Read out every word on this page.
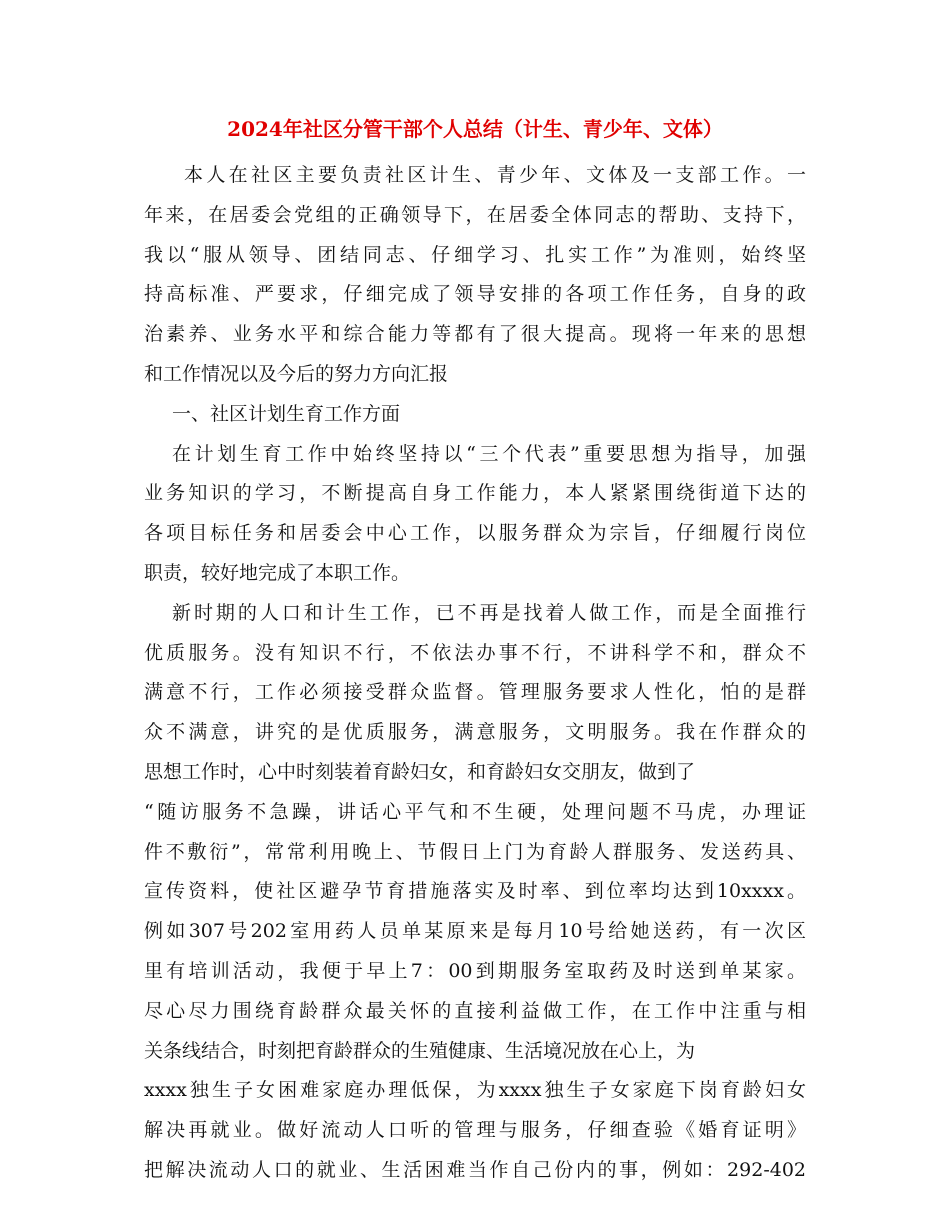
2024年社区分管干部个人总结（计生、青少年、文体）
本人在社区主要负责社区计生、青少年、文体及一支部工作。一
年来，在居委会党组的正确领导下，在居委全体同志的帮助、支持下，
我以“服从领导、团结同志、仔细学习、扎实工作”为准则，始终坚
持高标准、严要求，仔细完成了领导安排的各项工作任务，自身的政
治素养、业务水平和综合能力等都有了很大提高。现将一年来的思想
和工作情况以及今后的努力方向汇报
一、社区计划生育工作方面
在计划生育工作中始终坚持以“三个代表”重要思想为指导，加强
业务知识的学习，不断提高自身工作能力，本人紧紧围绕街道下达的
各项目标任务和居委会中心工作，以服务群众为宗旨，仔细履行岗位
职责，较好地完成了本职工作。
新时期的人口和计生工作，已不再是找着人做工作，而是全面推行
优质服务。没有知识不行，不依法办事不行，不讲科学不和，群众不
满意不行，工作必须接受群众监督。管理服务要求人性化，怕的是群
众不满意，讲究的是优质服务，满意服务，文明服务。我在作群众的
思想工作时，心中时刻装着育龄妇女，和育龄妇女交朋友，做到了
“随访服务不急躁，讲话心平气和不生硬，处理问题不马虎，办理证
件不敷衍”，常常利用晚上、节假日上门为育龄人群服务、发送药具、
宣传资料，使社区避孕节育措施落实及时率、到位率均达到10xxxx。
例如307号202室用药人员单某原来是每月10号给她送药，有一次区
里有培训活动，我便于早上7：00到期服务室取药及时送到单某家。
尽心尽力围绕育龄群众最关怀的直接利益做工作，在工作中注重与相
关条线结合，时刻把育龄群众的生殖健康、生活境况放在心上，为
xxxx独生子女困难家庭办理低保，为xxxx独生子女家庭下岗育龄妇女
解决再就业。做好流动人口听的管理与服务，仔细查验《婚育证明》
把解决流动人口的就业、生活困难当作自己份内的事，例如：292-402
